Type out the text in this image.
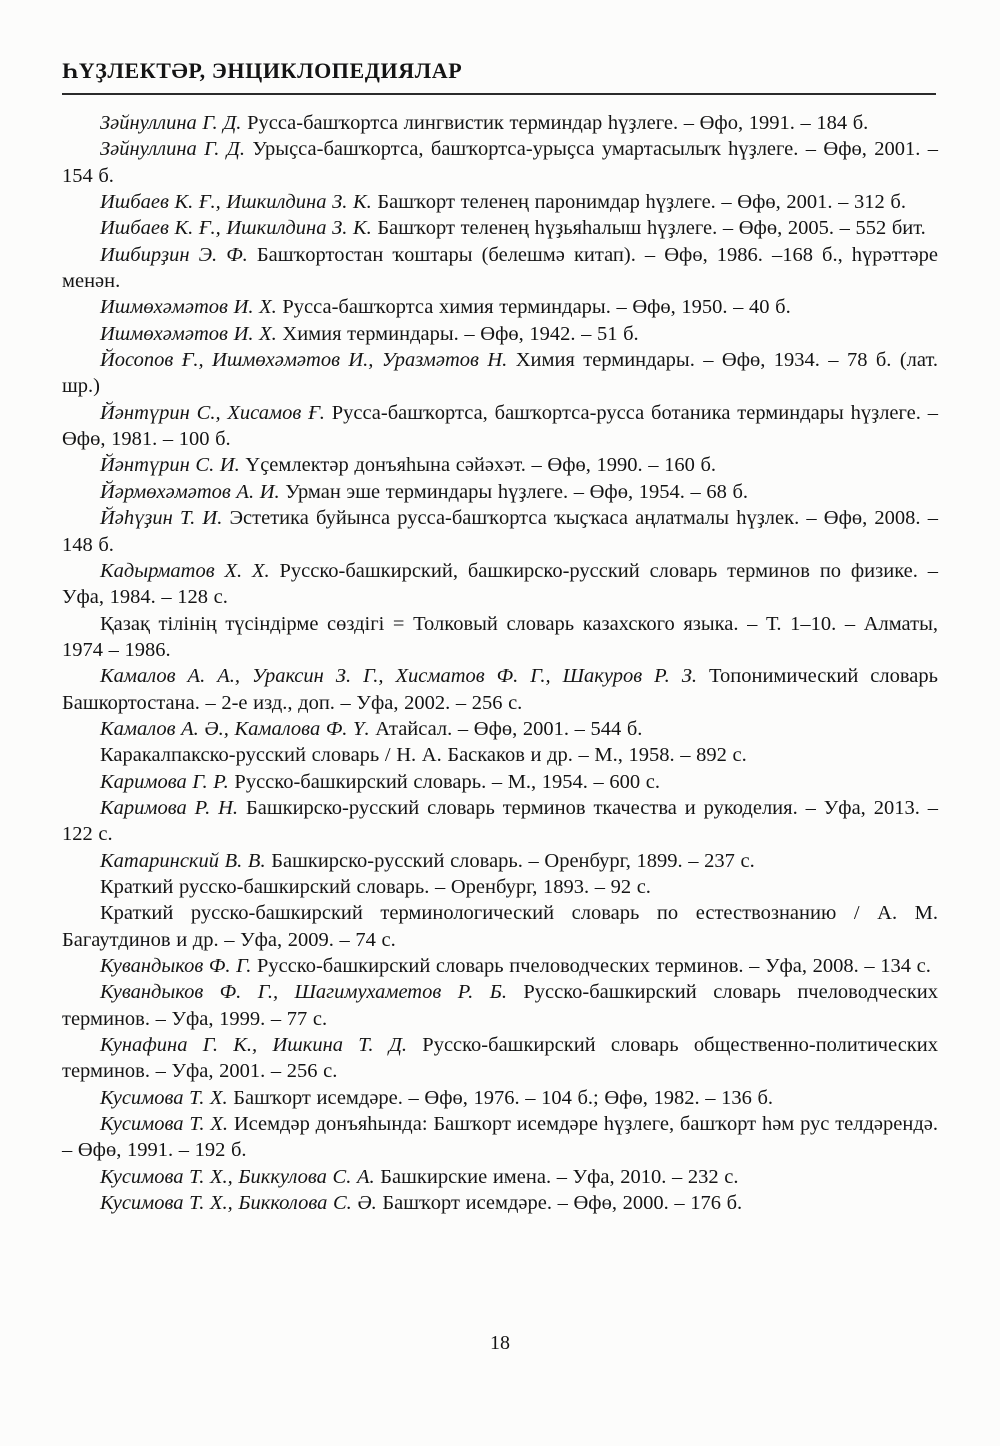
ҺҮҘЛЕКТӘР, ЭНЦИКЛОПЕДИЯЛАР

Зәйнуллина Г. Д. Русса-башҡортса лингвистик терминдар һүҙлеге. – Өфо, 1991. – 184 б.

Зәйнуллина Г. Д. Урыҫса-башҡортса, башҡортса-урыҫса умартасылыҡ һүҙлеге. – Өфө, 2001. – 154 б.

Ишбаев К. Ғ., Ишкилдина З. К. Башҡорт теленең паронимдар һүҙлеге. – Өфө, 2001. – 312 б.

Ишбаев К. Ғ., Ишкилдина З. К. Башҡорт теленең һүҙьяһалыш һүҙлеге. – Өфө, 2005. – 552 бит.

Ишбирҙин Э. Ф. Башҡортостан ҡоштары (белешмә китап). – Өфө, 1986. –168 б., һүрәттәре менән.

Ишмөхәмәтов И. Х. Русса-башҡортса химия терминдары. – Өфө, 1950. – 40 б.

Ишмөхәмәтов И. Х. Химия терминдары. – Өфө, 1942. – 51 б.

Йосопов Ғ., Ишмөхәмәтов И., Уразмәтов Н. Химия терминдары. – Өфө, 1934. – 78 б. (лат. шр.)

Йәнтүрин С., Хисамов Ғ. Русса-башҡортса, башҡортса-русса ботаника терминдары һүҙлеге. – Өфө, 1981. – 100 б.

Йәнтүрин С. И. Үҫемлектәр донъяһына сәйәхәт. – Өфө, 1990. – 160 б.

Йәрмөхәмәтов А. И. Урман эше терминдары һүҙлеге. – Өфө, 1954. – 68 б.

Йәһүҙин Т. И. Эстетика буйынса русса-башҡортса ҡыҫҡаса аңлатмалы һүҙлек. – Өфө, 2008. – 148 б.

Кадырматов Х. Х. Русско-башкирский, башкирско-русский словарь терминов по физике. – Уфа, 1984. – 128 с.

Қазақ тілінің түсіндірме сөздігі = Толковый словарь казахского языка. – Т. 1–10. – Алматы, 1974 – 1986.

Камалов А. А., Ураксин З. Г., Хисматов Ф. Г., Шакуров Р. З. Топонимический словарь Башкортостана. – 2-е изд., доп. – Уфа, 2002. – 256 с.

Камалов А. Ә., Камалова Ф. Ү. Атайсал. – Өфө, 2001. – 544 б.

Каракалпакско-русский словарь / Н. А. Баскаков и др. – М., 1958. – 892 с.

Каримова Г. Р. Русско-башкирский словарь. – М., 1954. – 600 с.

Каримова Р. Н. Башкирско-русский словарь терминов ткачества и рукоделия. – Уфа, 2013. – 122 с.

Катаринский В. В. Башкирско-русский словарь. – Оренбург, 1899. – 237 с.

Краткий русско-башкирский словарь. – Оренбург, 1893. – 92 с.

Краткий русско-башкирский терминологический словарь по естествознанию / А. М. Багаутдинов и др. – Уфа, 2009. – 74 с.

Кувандыков Ф. Г. Русско-башкирский словарь пчеловодческих терминов. – Уфа, 2008. – 134 с.

Кувандыков Ф. Г., Шагимухаметов Р. Б. Русско-башкирский словарь пчеловодческих терминов. – Уфа, 1999. – 77 с.

Кунафина Г. К., Ишкина Т. Д. Русско-башкирский словарь общественно-политических терминов. – Уфа, 2001. – 256 с.

Кусимова Т. Х. Башҡорт исемдәре. – Өфө, 1976. – 104 б.; Өфө, 1982. – 136 б.

Кусимова Т. Х. Исемдәр донъяһында: Башҡорт исемдәре һүҙлеге, башҡорт һәм рус телдәрендә. – Өфө, 1991. – 192 б.

Кусимова Т. Х., Биккулова С. А. Башкирские имена. – Уфа, 2010. – 232 с.

Кусимова Т. Х., Бикколова С. Ә. Башҡорт исемдәре. – Өфө, 2000. – 176 б.

18
